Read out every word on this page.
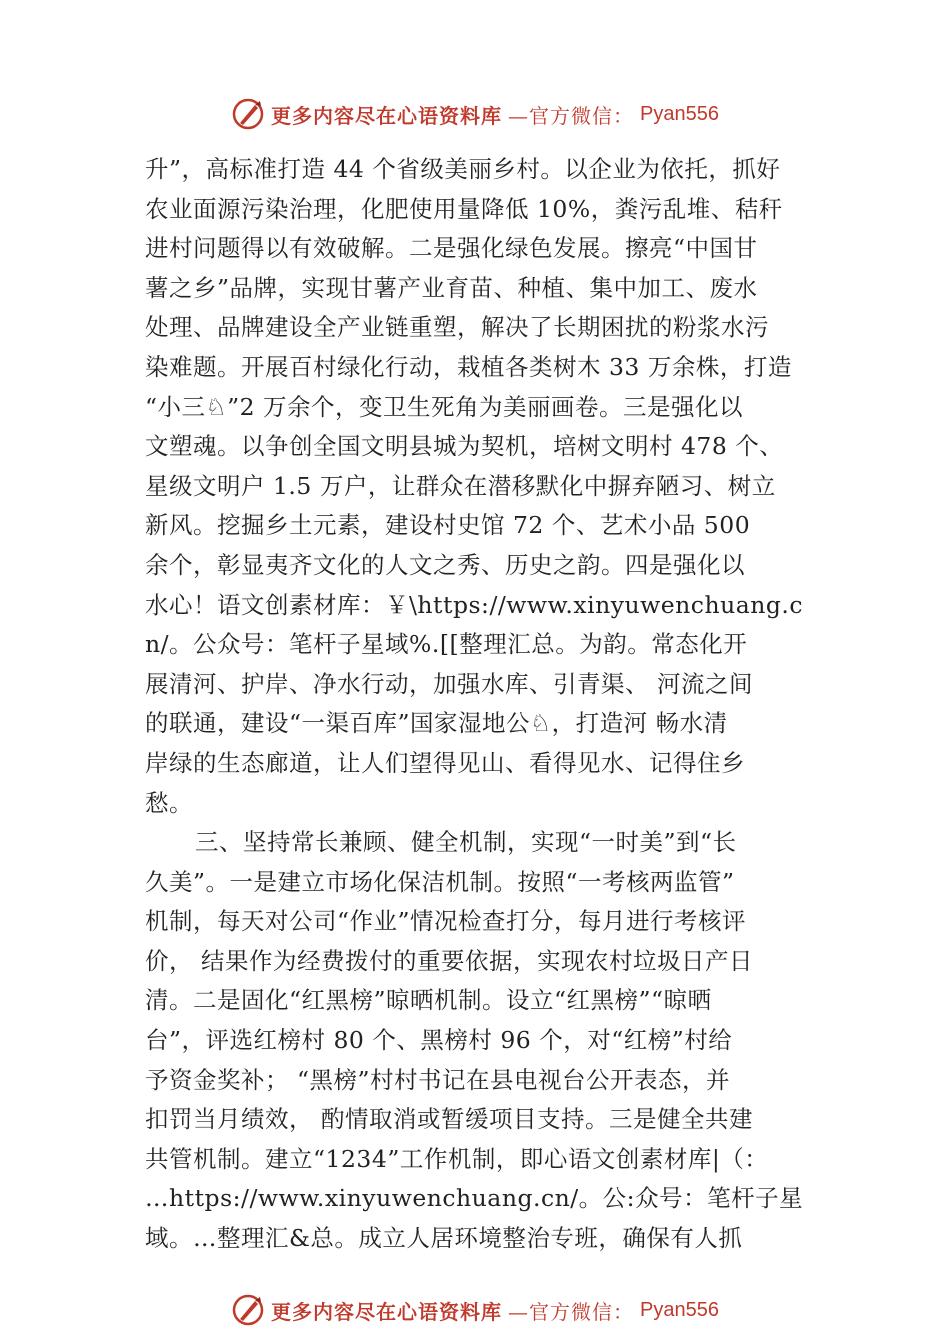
更多内容尽在心语资料库 —官方微信： Pyan556
升”，高标准打造 44 个省级美丽乡村。以企业为依托，抓好
农业面源污染治理，化肥使用量降低 10%，粪污乱堆、秸秆
进村问题得以有效破解。二是强化绿色发展。擦亮“中国甘
薯之乡”品牌，实现甘薯产业育苗、种植、集中加工、废水
处理、品牌建设全产业链重塑，解决了长期困扰的粉浆水污
染难题。开展百村绿化行动，栽植各类树木 33 万余株，打造
“小三♘”2 万余个，变卫生死角为美丽画卷。三是强化以
文塑魂。以争创全国文明县城为契机，培树文明村 478 个、
星级文明户 1.5 万户，让群众在潜移默化中摒弃陋习、树立
新风。挖掘乡土元素，建设村史馆 72 个、艺术小品 500
余个，彰显夷齐文化的人文之秀、历史之韵。四是强化以
水心！语文创素材库：￥\https://www.xinyuwenchuang.c
n/。公众号：笔杆子星域%.[[整理汇总。为韵。常态化开
展清河、护岸、净水行动，加强水库、引青渠、 河流之间
的联通，建设“一渠百库”国家湿地公♘，打造河 畅水清
岸绿的生态廊道，让人们望得见山、看得见水、记得住乡
愁。
三、坚持常长兼顾、健全机制，实现“一时美”到“长
久美”。一是建立市场化保洁机制。按照“一考核两监管”
机制，每天对公司“作业”情况检查打分，每月进行考核评
价， 结果作为经费拨付的重要依据，实现农村垃圾日产日
清。二是固化“红黑榜”晾晒机制。设立“红黑榜”“晾晒
台”，评选红榜村 80 个、黑榜村 96 个，对“红榜”村给
予资金奖补； “黑榜”村村书记在县电视台公开表态，并
扣罚当月绩效， 酌情取消或暂缓项目支持。三是健全共建
共管机制。建立“1234”工作机制，即心语文创素材库|（：
…https://www.xinyuwenchuang.cn/。公:众号：笔杆子星
域。…整理汇&总。成立人居环境整治专班，确保有人抓
更多内容尽在心语资料库 —官方微信： Pyan556
